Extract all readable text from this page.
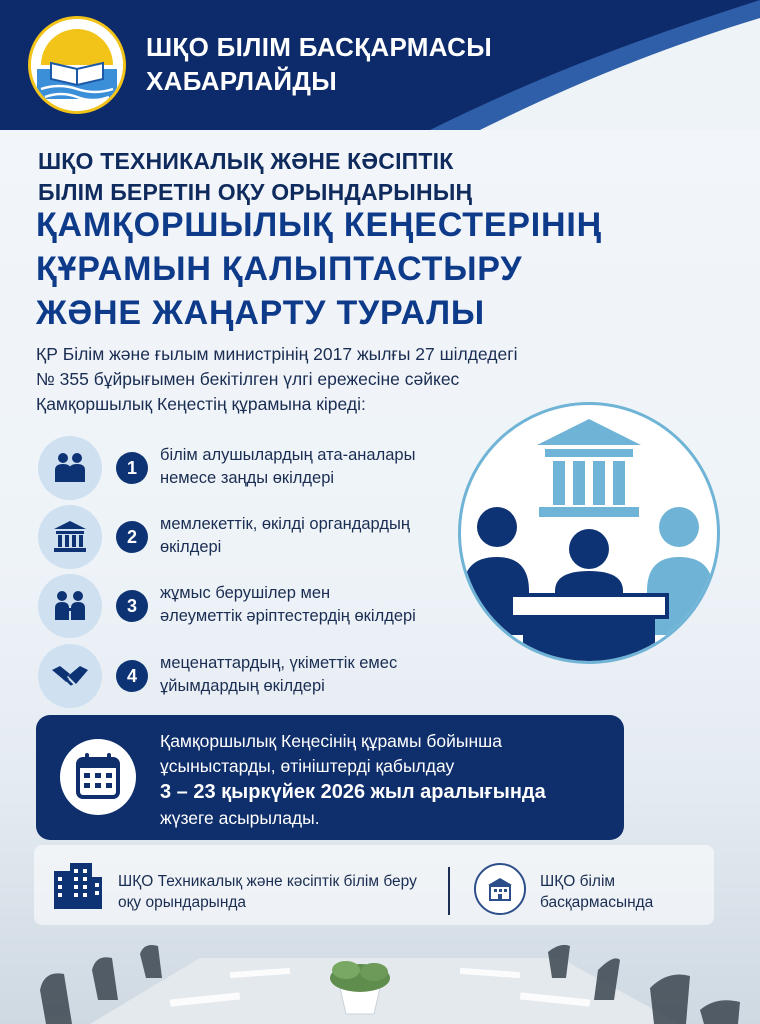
ШҚО БІЛІМ БАСҚАРМАСЫ
ХАБАРЛАЙДЫ
ШҚО ТЕХНИКАЛЫҚ ЖӘНЕ КӘСІПТІК
БІЛІМ БЕРЕТІН ОҚУ ОРЫНДАРЫНЫҢ
ҚАМҚОРШЫЛЫҚ КЕҢЕСТЕРІНІҢ
ҚҰРАМЫН ҚАЛЫПТАСТЫРУ
ЖӘНЕ ЖАҢАРТУ ТУРАЛЫ
ҚР Білім және ғылым министрінің 2017 жылғы 27 шілдедегі
№ 355 бұйрығымен бекітілген үлгі ережесіне сәйкес
Қамқоршылық Кеңестің құрамына кіреді:
1
білім алушылардың ата-аналары
немесе заңды өкілдері
2
мемлекеттік, өкілді органдардың
өкілдері
3
жұмыс берушілер мен
әлеуметтік әріптестердің өкілдері
4
меценаттардың, үкіметтік емес
ұйымдардың өкілдері
Қамқоршылық Кеңесінің құрамы бойынша
ұсыныстарды, өтініштерді қабылдау
3 – 23 қыркүйек 2026 жыл аралығында
жүзеге асырылады.
ШҚО Техникалық және кәсіптік білім беру
оқу орындарында
ШҚО білім
басқармасында
